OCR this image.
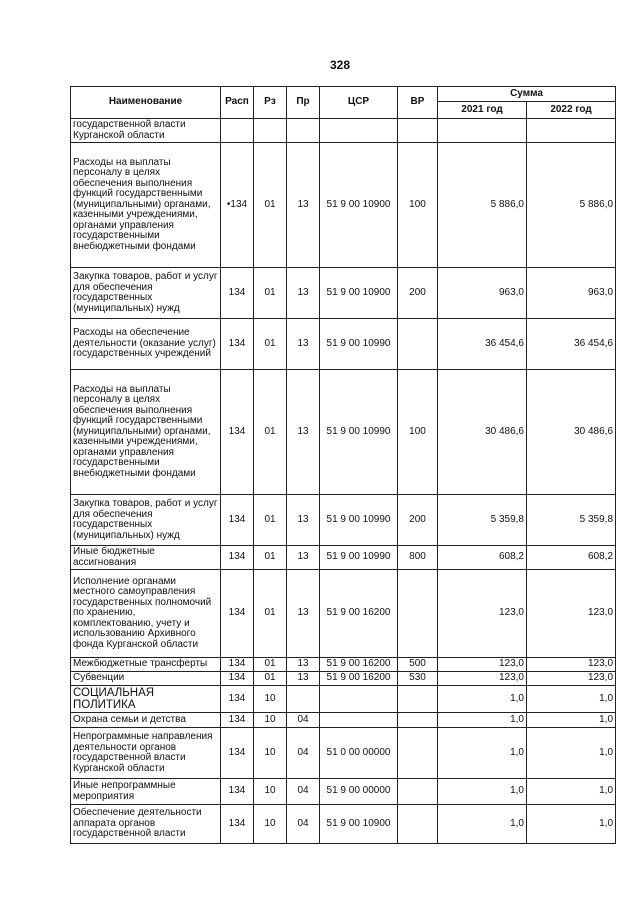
328
Наименование	Расп	Рз	Пр	ЦСР	ВР	Сумма	
						2021 год	2022 год
государственной власти Курганской области							
Расходы на выплаты персоналу в целях обеспечения выполнения функций государственными (муниципальными) органами, казенными учреждениями, органами управления государственными внебюджетными фондами	•134	01	13	51 9 00 10900	100	5 886,0	5 886,0
Закупка товаров, работ и услуг для обеспечения государственных (муниципальных) нужд	134	01	13	51 9 00 10900	200	963,0	963,0
Расходы на обеспечение деятельности (оказание услуг) государственных учреждений	134	01	13	51 9 00 10990		36 454,6	36 454,6
Расходы на выплаты персоналу в целях обеспечения выполнения функций государственными (муниципальными) органами, казенными учреждениями, органами управления государственными внебюджетными фондами	134	01	13	51 9 00 10990	100	30 486,6	30 486,6
Закупка товаров, работ и услуг для обеспечения государственных (муниципальных) нужд	134	01	13	51 9 00 10990	200	5 359,8	5 359,8
Иные бюджетные ассигнования	134	01	13	51 9 00 10990	800	608,2	608,2
Исполнение органами местного самоуправления государственных полномочий по хранению, комплектованию, учету и использованию Архивного фонда Курганской области	134	01	13	51 9 00 16200		123,0	123,0
Межбюджетные трансферты	134	01	13	51 9 00 16200	500	123,0	123,0
Субвенции	134	01	13	51 9 00 16200	530	123,0	123,0
СОЦИАЛЬНАЯ ПОЛИТИКА	134	10				1,0	1,0
Охрана семьи и детства	134	10	04			1,0	1,0
Непрограммные направления деятельности органов государственной власти Курганской области	134	10	04	51 0 00 00000		1,0	1,0
Иные непрограммные мероприятия	134	10	04	51 9 00 00000		1,0	1,0
Обеспечение деятельности аппарата органов государственной власти	134	10	04	51 9 00 10900		1,0	1,0
